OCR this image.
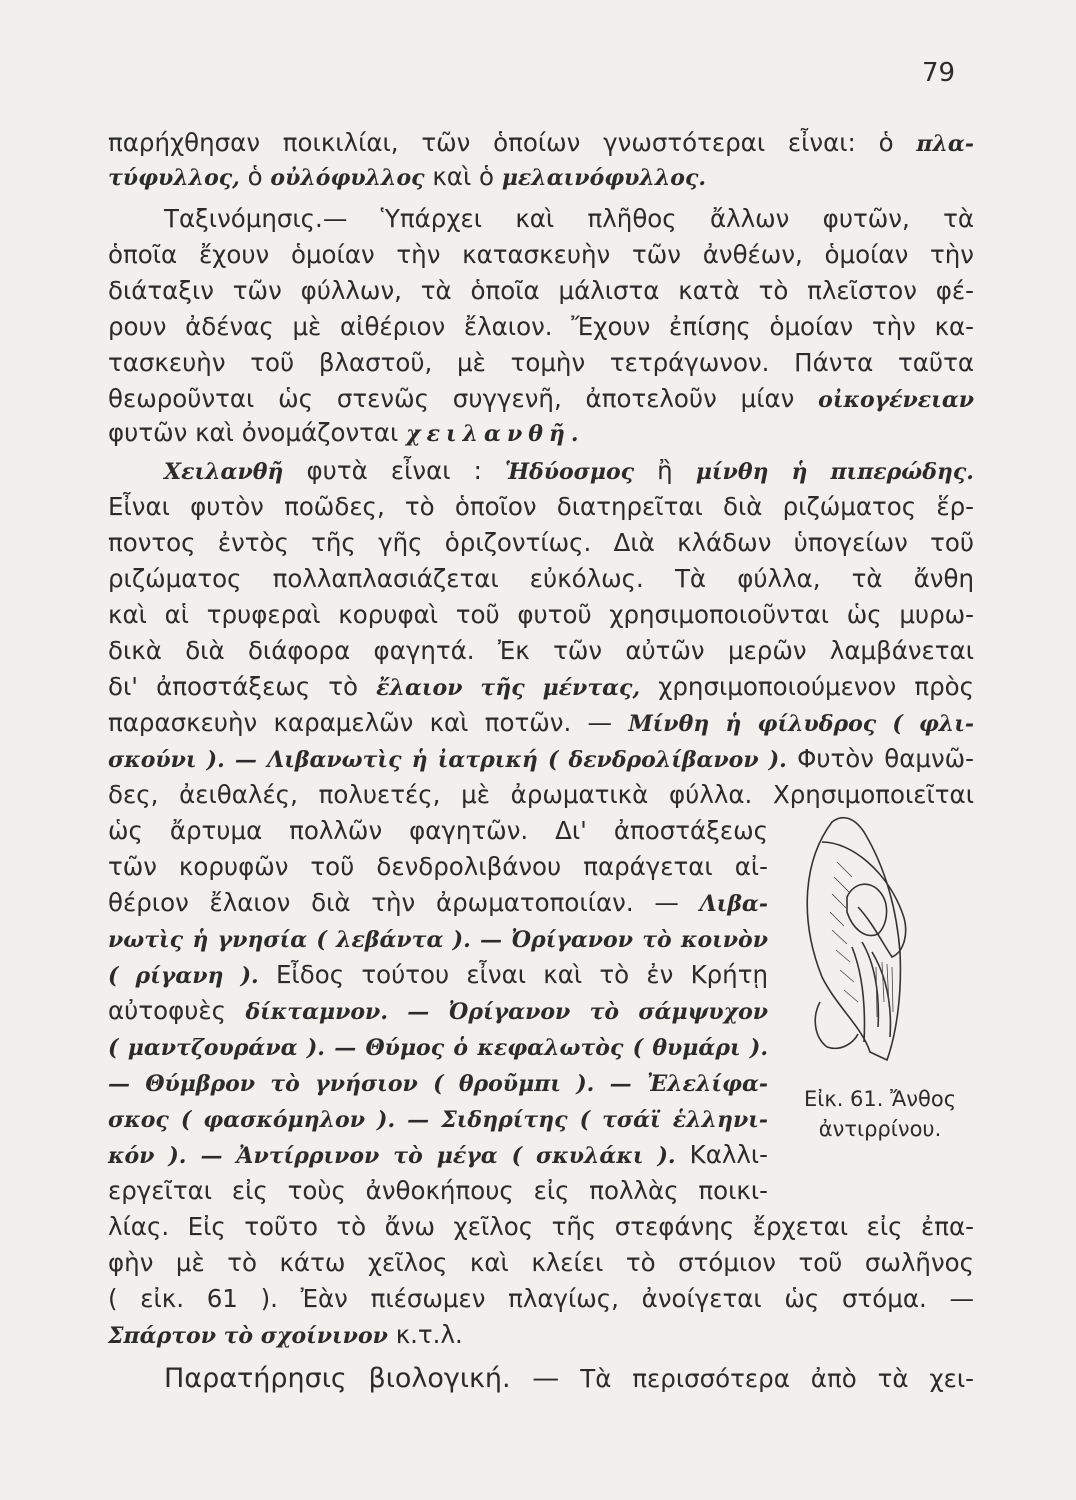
79
παρήχθησαν ποικιλίαι, τῶν ὁποίων γνωστότεραι εἶναι: ὁ πλα-
τύφυλλος, ὁ οὐλόφυλλος καὶ ὁ μελαινόφυλλος.
Ταξινόμησις.— Ὑπάρχει καὶ πλῆθος ἄλλων φυτῶν, τὰ
ὁποῖα ἔχουν ὁμοίαν τὴν κατασκευὴν τῶν ἀνθέων, ὁμοίαν τὴν
διάταξιν τῶν φύλλων, τὰ ὁποῖα μάλιστα κατὰ τὸ πλεῖστον φέ-
ρουν ἀδένας μὲ αἰθέριον ἔλαιον. Ἔχουν ἐπίσης ὁμοίαν τὴν κα-
τασκευὴν τοῦ βλαστοῦ, μὲ τομὴν τετράγωνον. Πάντα ταῦτα
θεωροῦνται ὡς στενῶς συγγενῆ, ἀποτελοῦν μίαν οἰκογένειαν
φυτῶν καὶ ὀνομάζονται χειλανθῆ.
Χειλανθῆ φυτὰ εἶναι : Ἡδύοσμος ἢ μίνθη ἡ πιπερώδης.
Εἶναι φυτὸν ποῶδες, τὸ ὁποῖον διατηρεῖται διὰ ριζώματος ἕρ-
ποντος ἐντὸς τῆς γῆς ὁριζοντίως. Διὰ κλάδων ὑπογείων τοῦ
ριζώματος πολλαπλασιάζεται εὐκόλως. Τὰ φύλλα, τὰ ἄνθη
καὶ αἱ τρυφεραὶ κορυφαὶ τοῦ φυτοῦ χρησιμοποιοῦνται ὡς μυρω-
δικὰ διὰ διάφορα φαγητά. Ἐκ τῶν αὐτῶν μερῶν λαμβάνεται
δι' ἀποστάξεως τὸ ἔλαιον τῆς μέντας, χρησιμοποιούμενον πρὸς
παρασκευὴν καραμελῶν καὶ ποτῶν. — Μίνθη ἡ φίλυδρος ( φλι-
σκούνι ). — Λιβανωτὶς ἡ ἰατρική ( δενδρολίβανον ). Φυτὸν θαμνῶ-
δες, ἀειθαλές, πολυετές, μὲ ἀρωματικὰ φύλλα. Χρησιμοποιεῖται
ὡς ἄρτυμα πολλῶν φαγητῶν. Δι' ἀποστάξεως
τῶν κορυφῶν τοῦ δενδρολιβάνου παράγεται αἰ-
θέριον ἔλαιον διὰ τὴν ἀρωματοποιίαν. — Λιβα-
νωτὶς ἡ γνησία ( λεβάντα ). — Ὀρίγανον τὸ κοινὸν
( ρίγανη ). Εἶδος τούτου εἶναι καὶ τὸ ἐν Κρήτῃ
αὐτοφυὲς δίκταμνον. — Ὀρίγανον τὸ σάμψυχον
( μαντζουράνα ). — Θύμος ὁ κεφαλωτὸς ( θυμάρι ).
— Θύμβρον τὸ γνήσιον ( θροῦμπι ). — Ἐλελίφα-
σκος ( φασκόμηλον ). — Σιδηρίτης ( τσάϊ ἑλληνι-
κόν ). — Ἀντίρρινον τὸ μέγα ( σκυλάκι ). Καλλι-
εργεῖται εἰς τοὺς ἀνθοκήπους εἰς πολλὰς ποικι-
λίας. Εἰς τοῦτο τὸ ἄνω χεῖλος τῆς στεφάνης ἔρχεται εἰς ἐπα-
φὴν μὲ τὸ κάτω χεῖλος καὶ κλείει τὸ στόμιον τοῦ σωλῆνος
( εἰκ. 61 ). Ἐὰν πιέσωμεν πλαγίως, ἀνοίγεται ὡς στόμα. —
Σπάρτον τὸ σχοίνινον κ.τ.λ.
Παρατήρησις βιολογική. — Τὰ περισσότερα ἀπὸ τὰ χει-
Εἰκ. 61. Ἄνθος
ἀντιρρίνου.
